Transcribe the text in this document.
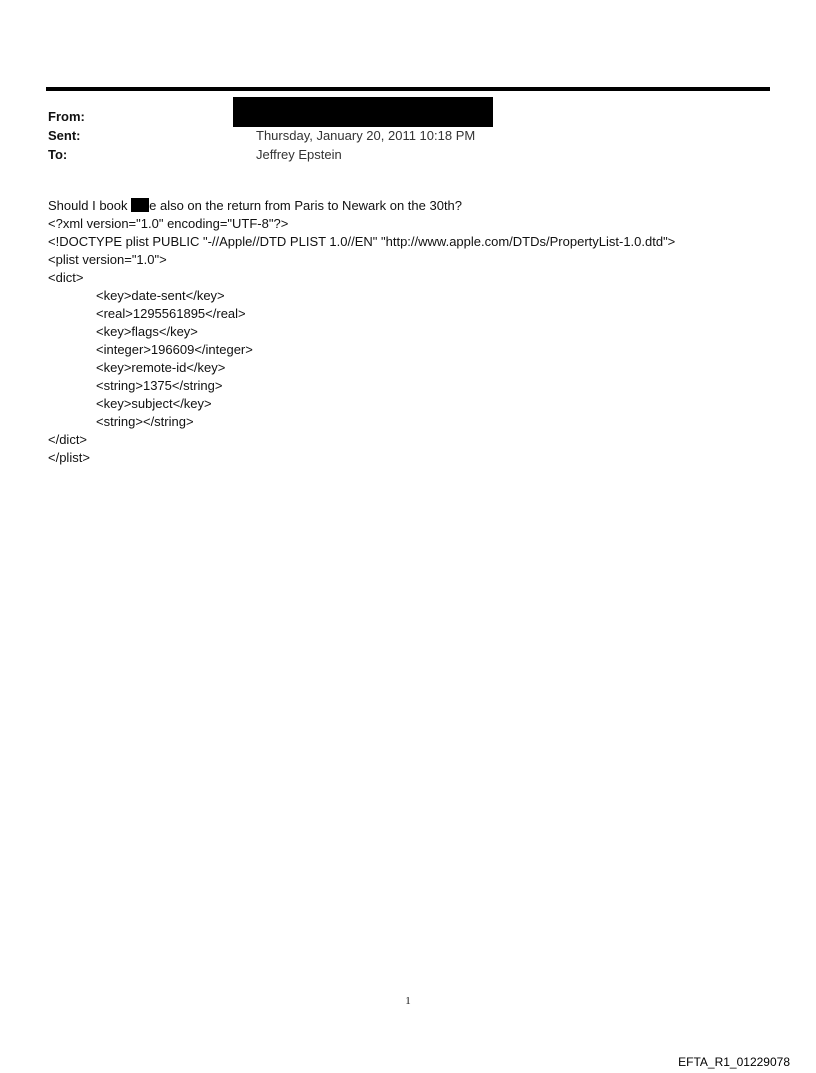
From:
Sent:	Thursday, January 20, 2011 10:18 PM
To:	Jeffrey Epstein
Should I book e also on the return from Paris to Newark on the 30th?
<?xml version="1.0" encoding="UTF-8"?>
<!DOCTYPE plist PUBLIC "-//Apple//DTD PLIST 1.0//EN" "http://www.apple.com/DTDs/PropertyList-1.0.dtd">
<plist version="1.0">
<dict>
<key>date-sent</key>
<real>1295561895</real>
<key>flags</key>
<integer>196609</integer>
<key>remote-id</key>
<string>1375</string>
<key>subject</key>
<string></string>
</dict>
</plist>
1
EFTA_R1_01229078
